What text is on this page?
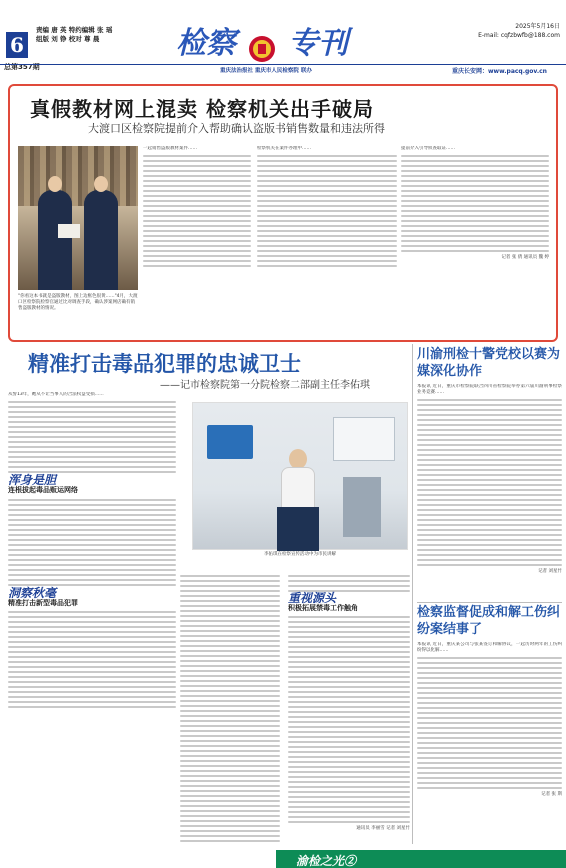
6
总第357期
责编 唐 英 特约编辑 张 瑶
组版 刘 铮 校对 尊 晨	检察 专刊	2025年5月16日
E-mail: cqfzbwfb@188.com
重庆法治报社 重庆市人民检察院 联办	重庆长安网：www.pacq.gov.cn
真假教材网上混卖 检察机关出手破局
大渡口区检察院提前介入帮助确认盗版书销售数量和违法所得
"你看这本书就是盗版教材，图上边框色很黄……"4月，大渡口区检察院检察官通过比对调查手段，确认涉案网店确有销售盗版教材的情况。
一起销售盗版教材案件……	检察机关在案件办理中……	提前介入引导侦查取证……
记者 张 倩 通讯员 魏 婷
精准打击毒品犯罪的忠诚卫士
——记市检察院第一分院检察二部副主任李佑琪
从警13年，她从不让当事人的合法权益受损……
浑身是胆
连根拔起毒品贩运网络
洞察秋毫
精准打击新型毒品犯罪
李佑琪在检察宣传活动中为市民讲解
重视源头
积极拓展禁毒工作触角
通讯员 李丽雪 记者 刘星竹
川渝刑检十警党校以赛为媒深化协作
本报讯 近日，重庆市检察院联合四川省检察院举办第六届川渝刑事检察业务竞赛……
记者 刘星竹
检察监督促成和解工伤纠纷案结事了
本报讯 近日，重庆某公司与张某签订和解协议，一起历时两年的工伤纠纷得以化解……
记者 张 斯
渝检之光②
